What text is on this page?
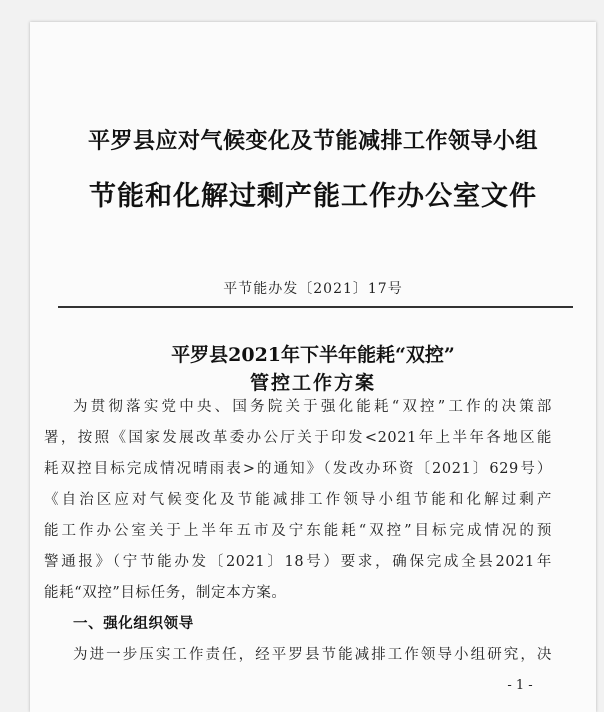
平罗县应对气候变化及节能减排工作领导小组
节能和化解过剩产能工作办公室文件
平节能办发〔2021〕17号
平罗县2021年下半年能耗“双控”
管控工作方案
为贯彻落实党中央、国务院关于强化能耗“双控”工作的决策部
署，按照《国家发展改革委办公厅关于印发<2021年上半年各地区能
耗双控目标完成情况晴雨表>的通知》（发改办环资〔2021〕629号）
《自治区应对气候变化及节能减排工作领导小组节能和化解过剩产
能工作办公室关于上半年五市及宁东能耗“双控”目标完成情况的预
警通报》（宁节能办发〔2021〕18号）要求，确保完成全县2021年
能耗“双控”目标任务，制定本方案。
一、强化组织领导
为进一步压实工作责任，经平罗县节能减排工作领导小组研究，决
- 1 -
